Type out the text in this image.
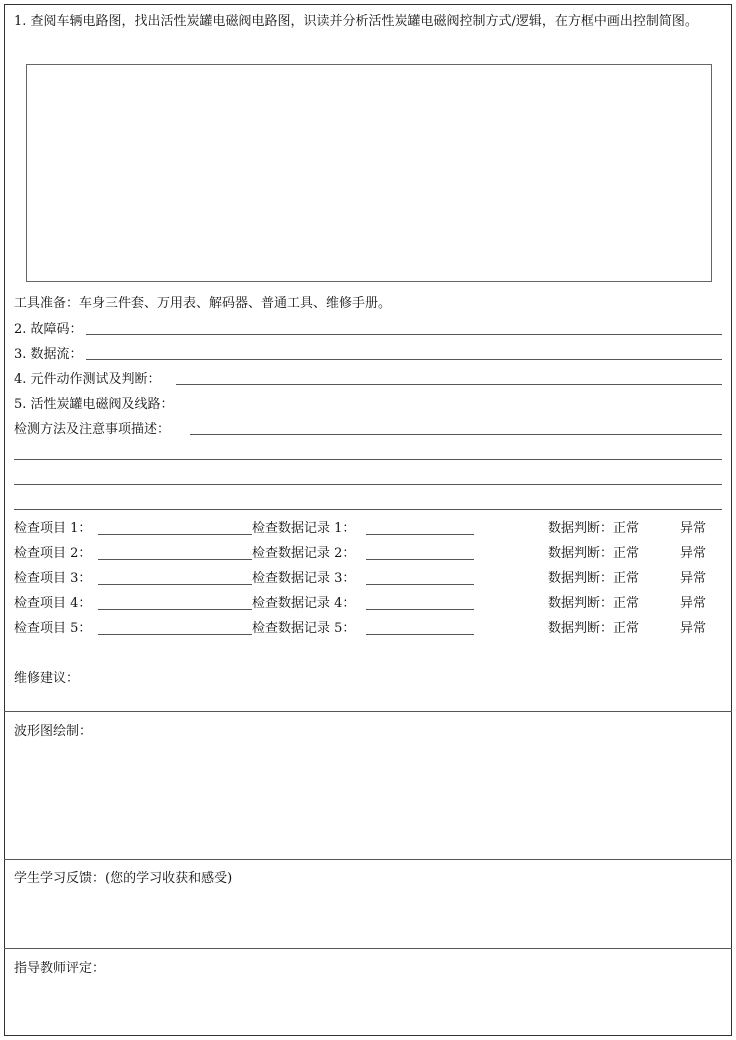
1. 查阅车辆电路图，找出活性炭罐电磁阀电路图，识读并分析活性炭罐电磁阀控制方式/逻辑，在方框中画出控制简图。
工具准备：车身三件套、万用表、解码器、普通工具、维修手册。
2. 故障码：
3. 数据流：
4. 元件动作测试及判断：
5. 活性炭罐电磁阀及线路：
检测方法及注意事项描述：
检查项目 1：	检查数据记录 1：	数据判断：正常	异常
检查项目 2：	检查数据记录 2：	数据判断：正常	异常
检查项目 3：	检查数据记录 3：	数据判断：正常	异常
检查项目 4：	检查数据记录 4：	数据判断：正常	异常
检查项目 5：	检查数据记录 5：	数据判断：正常	异常
维修建议：
波形图绘制：
学生学习反馈：(您的学习收获和感受)
指导教师评定：
